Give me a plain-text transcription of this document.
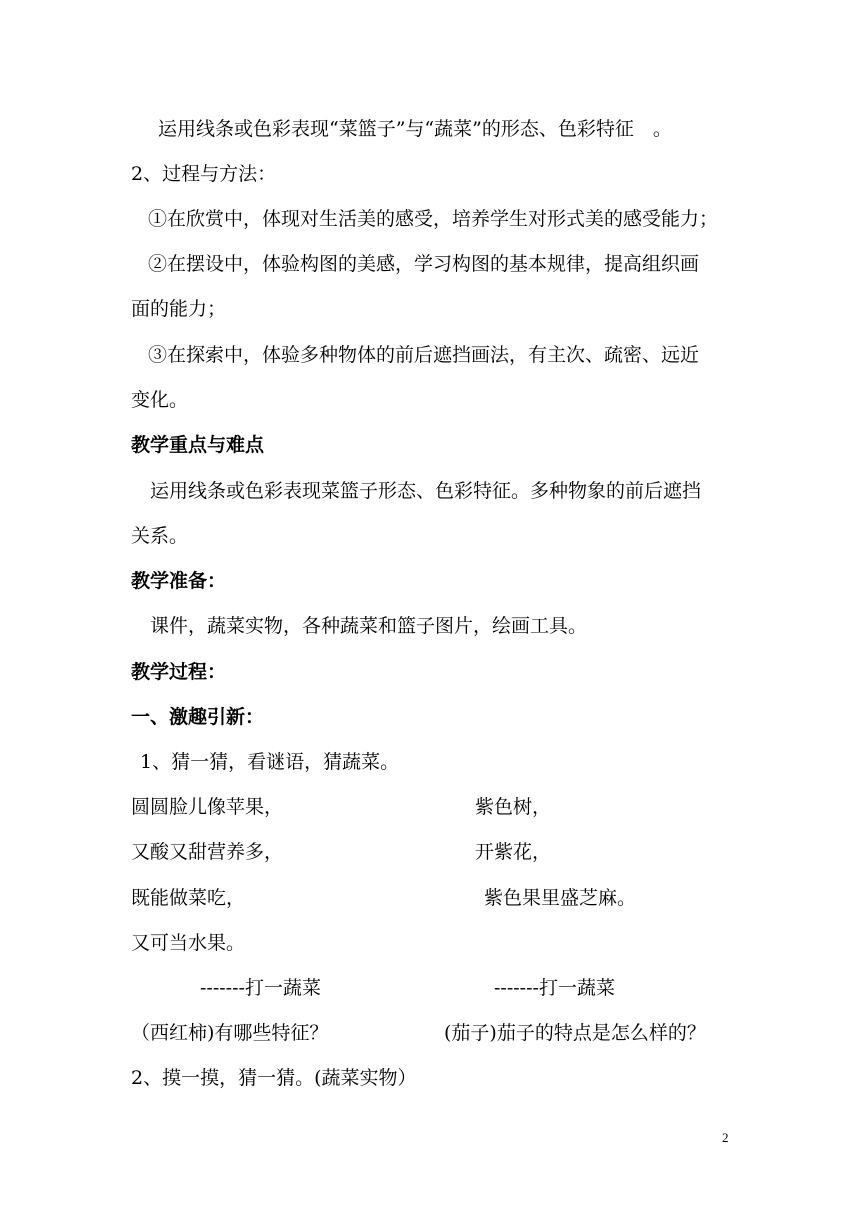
运用线条或色彩表现“菜篮子”与“蔬菜”的形态、色彩特征　。
2、过程与方法：
①在欣赏中，体现对生活美的感受，培养学生对形式美的感受能力；
②在摆设中，体验构图的美感，学习构图的基本规律，提高组织画
面的能力；
③在探索中，体验多种物体的前后遮挡画法，有主次、疏密、远近
变化。
教学重点与难点
运用线条或色彩表现菜篮子形态、色彩特征。多种物象的前后遮挡
关系。
教学准备：
课件，蔬菜实物，各种蔬菜和篮子图片，绘画工具。
教学过程：
一、激趣引新：
1、猜一猜，看谜语，猜蔬菜。
圆圆脸儿像苹果，
又酸又甜营养多，
既能做菜吃，
又可当水果。
紫色树，
开紫花，
紫色果里盛芝麻。
-------打一蔬菜	-------打一蔬菜
（西红柿)有哪些特征？	(茄子)茄子的特点是怎么样的？
2、摸一摸，猜一猜。(蔬菜实物）
2
